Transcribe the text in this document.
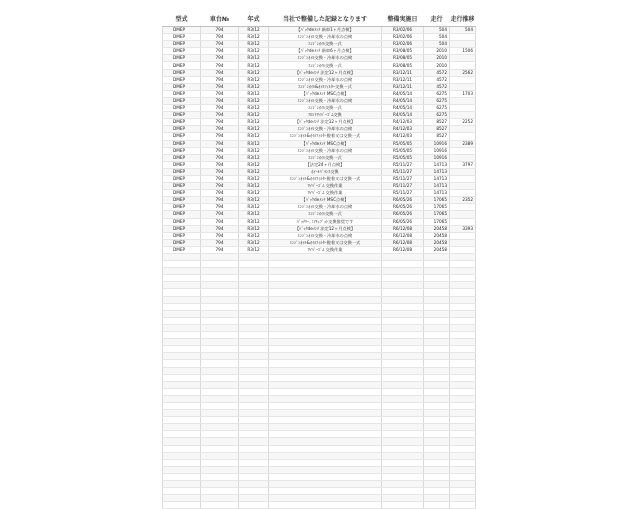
型式	車台№	年式	当社で整備した記録となります	整備実施日	走行	走行推移
DMEP	794	R3/12	【ﾊﾟｯｸdeﾒﾝﾃ 新車1ヶ月点検】	R3/02/06	504	504
DMEP	794	R3/12	ｴﾝｼﾞﾝｵｲﾙ交換・冷却水の点検	R3/02/06	504	
DMEP	794	R3/12	ｴﾝｼﾞﾝｵｲﾙ交換一式	R3/02/06	504	
DMEP	794	R3/12	【ﾊﾟｯｸdeﾒﾝﾃ 新車6ヶ月点検】	R3/08/05	2010	1506
DMEP	794	R3/12	ｴﾝｼﾞﾝｵｲﾙ交換・冷却水の点検	R3/08/05	2010	
DMEP	794	R3/12	ｴﾝｼﾞﾝｵｲﾙ交換一式	R3/08/05	2010	
DMEP	794	R3/12	【ﾊﾟｯｸdeﾒﾝﾃ 法定12ヶ月点検】	R3/12/11	4572	2562
DMEP	794	R3/12	ｴﾝｼﾞﾝｵｲﾙ交換・冷却水の点検	R3/12/11	4572	
DMEP	794	R3/12	ｴﾝｼﾞﾝｵｲﾙ&ｵｲﾙﾌｨﾙﾀｰ交換一式	R3/12/11	4572	
DMEP	794	R3/12	【ﾊﾟｯｸdeﾒﾝﾃ MSC点検】	R4/05/14	6275	1703
DMEP	794	R3/12	ｴﾝｼﾞﾝｵｲﾙ交換・冷却水の点検	R4/05/14	6275	
DMEP	794	R3/12	ｴﾝｼﾞﾝｵｲﾙ交換一式	R4/05/14	6275	
DMEP	794	R3/12	ﾌﾛﾝﾄﾜｲﾊﾟｰｺﾞﾑ交換	R4/05/14	6275	
DMEP	794	R3/12	【ﾊﾟｯｸdeﾒﾝﾃ 法定12ヶ月点検】	R4/12/03	8527	2252
DMEP	794	R3/12	ｴﾝｼﾞﾝｵｲﾙ交換・冷却水の点検	R4/12/03	8527	
DMEP	794	R3/12	ｴﾝｼﾞﾝｵｲﾙ&ｵｲﾙﾌｨﾙﾀｰ脱着又は交換一式	R4/12/03	8527	
DMEP	794	R3/12	【ﾊﾟｯｸdeﾒﾝﾃ MSC点検】	R5/05/05	10916	2389
DMEP	794	R3/12	ｴﾝｼﾞﾝｵｲﾙ交換・冷却水の点検	R5/05/05	10916	
DMEP	794	R3/12	ｴﾝｼﾞﾝｵｲﾙ交換一式	R5/05/05	10916	
DMEP	794	R3/12	【法定24ヶ月点検】	R5/11/27	14713	3797
DMEP	794	R3/12	ﾎｲｰﾙﾊﾞﾗﾝｽ交換	R5/11/27	14713	
DMEP	794	R3/12	ｴﾝｼﾞﾝｵｲﾙ&ｵｲﾙﾌｨﾙﾀｰ脱着又は交換一式	R5/11/27	14713	
DMEP	794	R3/12	ﾜｲﾊﾟｰｺﾞﾑ 交換作業	R5/11/27	14713	
DMEP	794	R3/12	ﾜｲﾊﾟｰｺﾞﾑ 交換作業	R5/11/27	14713	
DMEP	794	R3/12	【ﾊﾟｯｸdeﾒﾝﾃ MSC点検】	R6/05/26	17065	2352
DMEP	794	R3/12	ｴﾝｼﾞﾝｵｲﾙ交換・冷却水の点検	R6/05/26	17065	
DMEP	794	R3/12	ｴﾝｼﾞﾝｵｲﾙ交換一式	R6/05/26	17065	
DMEP	794	R3/12	ﾊﾞｯﾃﾘｰ､ﾐｱﾁｭﾌﾞｯﾄ交換推奨です	R6/05/26	17065	
DMEP	794	R3/12	【ﾊﾟｯｸdeﾒﾝﾃ 法定12ヶ月点検】	R6/12/08	20458	3393
DMEP	794	R3/12	ｴﾝｼﾞﾝｵｲﾙ交換・冷却水の点検	R6/12/08	20458	
DMEP	794	R3/12	ｴﾝｼﾞﾝｵｲﾙ&ｵｲﾙﾌｨﾙﾀｰ脱着又は交換一式	R6/12/08	20458	
DMEP	794	R3/12	ﾜｲﾊﾟｰｺﾞﾑ 交換作業	R6/12/08	20458	
